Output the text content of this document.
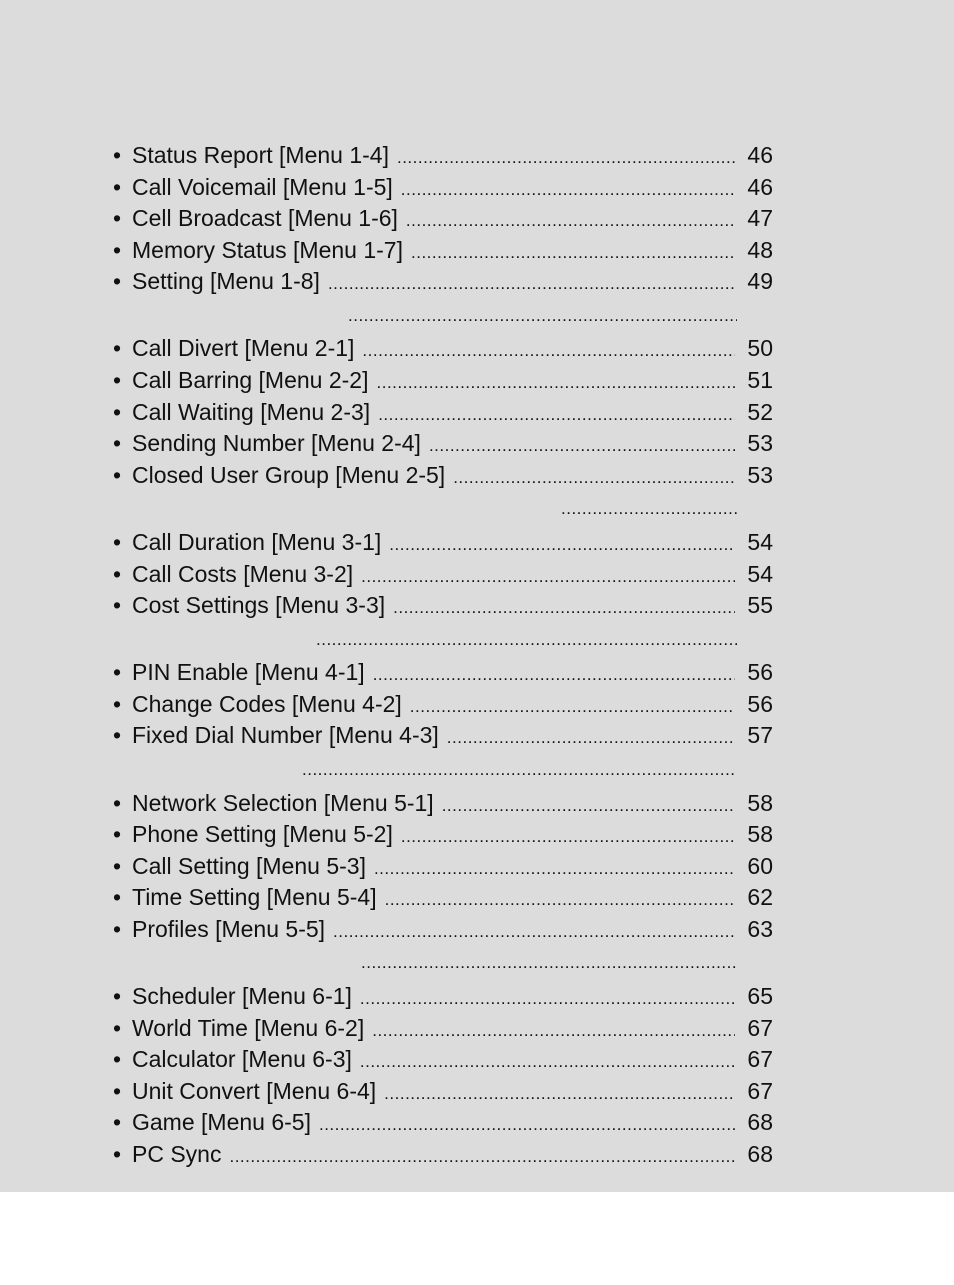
• Status Report [Menu 1-4] .....	46
• Call Voicemail [Menu 1-5] .....	46
• Cell Broadcast [Menu 1-6] .....	47
• Memory Status [Menu 1-7] .....	48
• Setting [Menu 1-8] .....	49
.....
• Call Divert [Menu 2-1] .....	50
• Call Barring [Menu 2-2] .....	51
• Call Waiting [Menu 2-3] .....	52
• Sending Number [Menu 2-4] .....	53
• Closed User Group [Menu 2-5] .....	53
.....
• Call Duration [Menu 3-1] .....	54
• Call Costs [Menu 3-2] .....	54
• Cost Settings [Menu 3-3] .....	55
.....
• PIN Enable [Menu 4-1] .....	56
• Change Codes [Menu 4-2] .....	56
• Fixed Dial Number [Menu 4-3] .....	57
.....
• Network Selection [Menu 5-1] .....	58
• Phone Setting [Menu 5-2] .....	58
• Call Setting [Menu 5-3] .....	60
• Time Setting [Menu 5-4] .....	62
• Profiles [Menu 5-5] .....	63
.....
• Scheduler [Menu 6-1] .....	65
• World Time [Menu 6-2] .....	67
• Calculator [Menu 6-3] .....	67
• Unit Convert [Menu 6-4] .....	67
• Game [Menu 6-5] .....	68
• PC Sync .....	68
